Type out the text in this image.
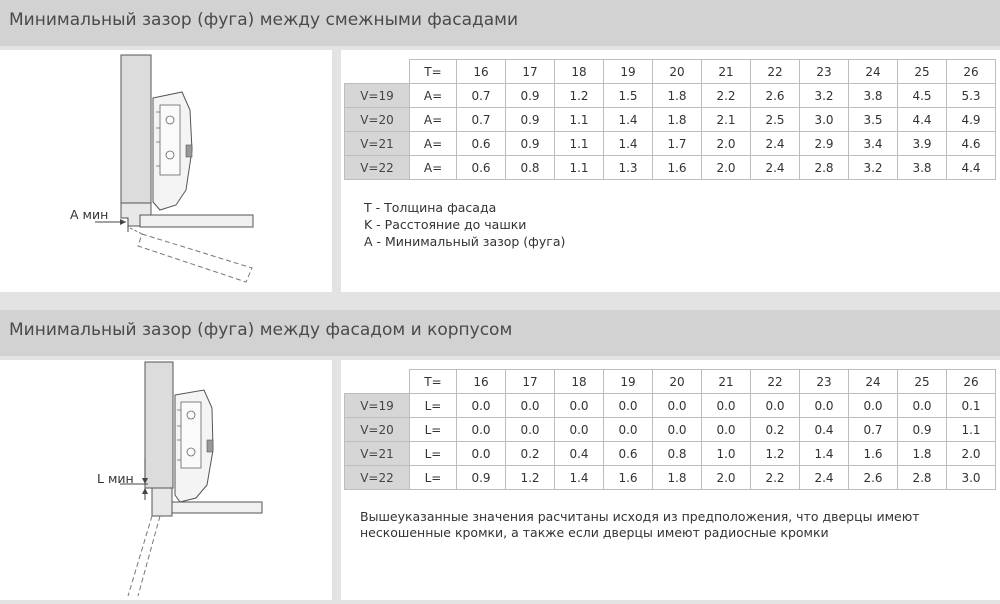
Минимальный зазор (фуга) между смежными фасадами
А мин
	T=	16	17	18	19	20	21	22	23	24	25	26
V=19	A=	0.7	0.9	1.2	1.5	1.8	2.2	2.6	3.2	3.8	4.5	5.3
V=20	A=	0.7	0.9	1.1	1.4	1.8	2.1	2.5	3.0	3.5	4.4	4.9
V=21	A=	0.6	0.9	1.1	1.4	1.7	2.0	2.4	2.9	3.4	3.9	4.6
V=22	A=	0.6	0.8	1.1	1.3	1.6	2.0	2.4	2.8	3.2	3.8	4.4
T - Толщина фасада
K - Расстояние до чашки
A - Минимальный зазор (фуга)
Минимальный зазор (фуга) между фасадом и корпусом
L мин
	T=	16	17	18	19	20	21	22	23	24	25	26
V=19	L=	0.0	0.0	0.0	0.0	0.0	0.0	0.0	0.0	0.0	0.0	0.1
V=20	L=	0.0	0.0	0.0	0.0	0.0	0.0	0.2	0.4	0.7	0.9	1.1
V=21	L=	0.0	0.2	0.4	0.6	0.8	1.0	1.2	1.4	1.6	1.8	2.0
V=22	L=	0.9	1.2	1.4	1.6	1.8	2.0	2.2	2.4	2.6	2.8	3.0
Вышеуказанные значения расчитаны исходя из предположения, что дверцы имеют
нескошенные кромки, а также если дверцы имеют радиосные кромки
